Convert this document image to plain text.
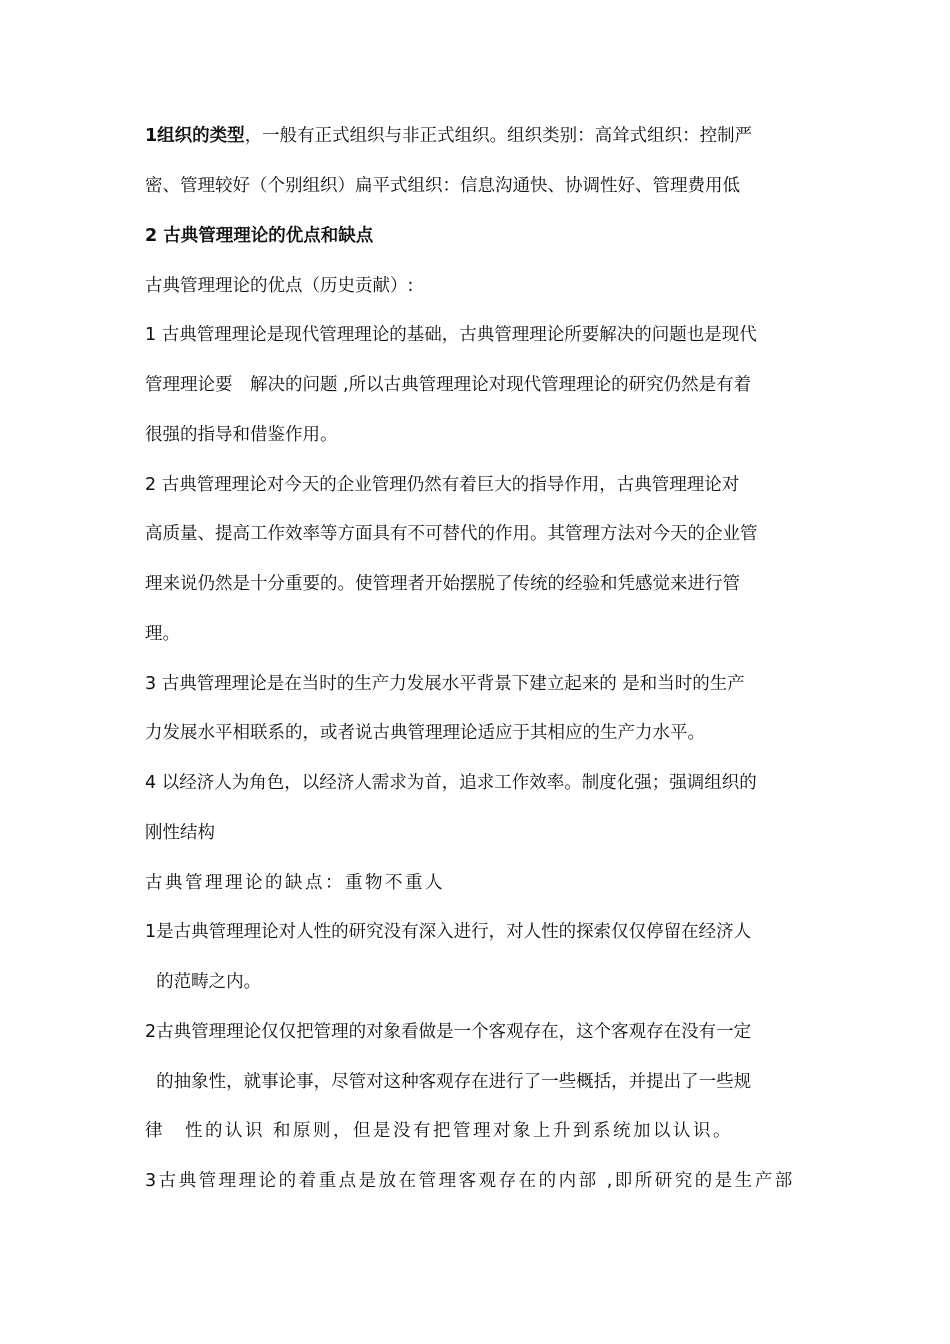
1组织的类型，一般有正式组织与非正式组织。组织类别：高耸式组织：控制严
密、管理较好（个别组织）扁平式组织：信息沟通快、协调性好、管理费用低
2 古典管理理论的优点和缺点
古典管理理论的优点（历史贡献）:
1 古典管理理论是现代管理理论的基础，古典管理理论所要解决的问题也是现代
管理理论要　解决的问题 ,所以古典管理理论对现代管理理论的研究仍然是有着
很强的指导和借鉴作用。
2 古典管理理论对今天的企业管理仍然有着巨大的指导作用，古典管理理论对
高质量、提高工作效率等方面具有不可替代的作用。其管理方法对今天的企业管
理来说仍然是十分重要的。使管理者开始摆脱了传统的经验和凭感觉来进行管
理。
3 古典管理理论是在当时的生产力发展水平背景下建立起来的 是和当时的生产
力发展水平相联系的，或者说古典管理理论适应于其相应的生产力水平。
4 以经济人为角色，以经济人需求为首，追求工作效率。制度化强；强调组织的
刚性结构
古典管理理论的缺点：重物不重人
1是古典管理理论对人性的研究没有深入进行，对人性的探索仅仅停留在经济人
的范畴之内。
2古典管理理论仅仅把管理的对象看做是一个客观存在，这个客观存在没有一定
的抽象性，就事论事，尽管对这种客观存在进行了一些概括，并提出了一些规
律　性的认识 和原则，但是没有把管理对象上升到系统加以认识。
3古典管理理论的着重点是放在管理客观存在的内部 ,即所研究的是生产部
